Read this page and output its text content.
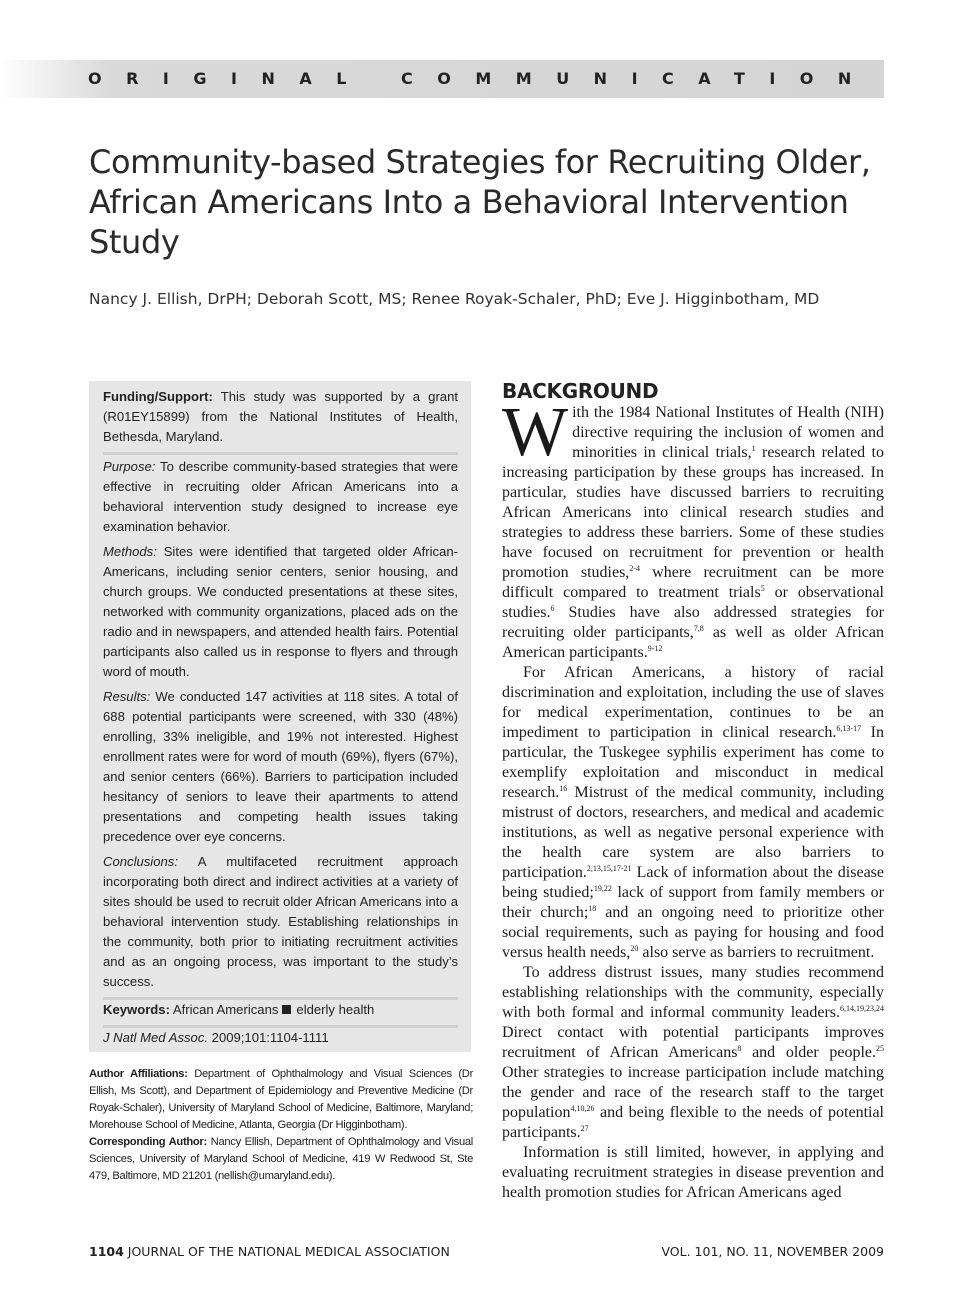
ORIGINAL COMMUNICATION
Community-based Strategies for Recruiting Older, African Americans Into a Behavioral Intervention Study
Nancy J. Ellish, DrPH; Deborah Scott, MS; Renee Royak-Schaler, PhD; Eve J. Higginbotham, MD

Funding/Support: This study was supported by a grant (R01EY15899) from the National Institutes of Health, Bethesda, Maryland.

Purpose: To describe community-based strategies that were effective in recruiting older African Americans into a behavioral intervention study designed to increase eye examination behavior.

Methods: Sites were identified that targeted older African-Americans, including senior centers, senior housing, and church groups. We conducted presentations at these sites, networked with community organizations, placed ads on the radio and in newspapers, and attended health fairs. Potential participants also called us in response to flyers and through word of mouth.

Results: We conducted 147 activities at 118 sites. A total of 688 potential participants were screened, with 330 (48%) enrolling, 33% ineligible, and 19% not interested. Highest enrollment rates were for word of mouth (69%), flyers (67%), and senior centers (66%). Barriers to participation included hesitancy of seniors to leave their apartments to attend presentations and competing health issues taking precedence over eye concerns.

Conclusions: A multifaceted recruitment approach incorporating both direct and indirect activities at a variety of sites should be used to recruit older African Americans into a behavioral intervention study. Establishing relationships in the community, both prior to initiating recruitment activities and as an ongoing process, was important to the study’s success.

Keywords: African Americans elderly health

J Natl Med Assoc. 2009;101:1104-1111

Author Affiliations: Department of Ophthalmology and Visual Sciences (Dr Ellish, Ms Scott), and Department of Epidemiology and Preventive Medicine (Dr Royak-Schaler), University of Maryland School of Medicine, Baltimore, Maryland; Morehouse School of Medicine, Atlanta, Georgia (Dr Higginbotham).

Corresponding Author: Nancy Ellish, Department of Ophthalmology and Visual Sciences, University of Maryland School of Medicine, 419 W Redwood St, Ste 479, Baltimore, MD 21201 (nellish@umaryland.edu).

BACKGROUND

With the 1984 National Institutes of Health (NIH) directive requiring the inclusion of women and minorities in clinical trials,$^1$ research related to increasing participation by these groups has increased. In particular, studies have discussed barriers to recruiting African Americans into clinical research studies and strategies to address these barriers. Some of these studies have focused on recruitment for prevention or health promotion studies,$^{2-4}$ where recruitment can be more difficult compared to treatment trials$^5$ or observational studies.$^6$ Studies have also addressed strategies for recruiting older participants,$^{7,8}$ as well as older African American participants.$^{9-12}$

For African Americans, a history of racial discrimination and exploitation, including the use of slaves for medical experimentation, continues to be an impediment to participation in clinical research.$^{6,13-17}$ In particular, the Tuskegee syphilis experiment has come to exemplify exploitation and misconduct in medical research.$^{16}$ Mistrust of the medical community, including mistrust of doctors, researchers, and medical and academic institutions, as well as negative personal experience with the health care system are also barriers to participation.$^{2,13,15,17-21}$ Lack of information about the disease being studied;$^{19,22}$ lack of support from family members or their church;$^{18}$ and an ongoing need to prioritize other social requirements, such as paying for housing and food versus health needs,$^{20}$ also serve as barriers to recruitment.

To address distrust issues, many studies recommend establishing relationships with the community, especially with both formal and informal community leaders.$^{6,14,19,23,24}$ Direct contact with potential participants improves recruitment of African Americans$^8$ and older people.$^{25}$ Other strategies to increase participation include matching the gender and race of the research staff to the target population$^{4,10,26}$ and being flexible to the needs of potential participants.$^{27}$

Information is still limited, however, in applying and evaluating recruitment strategies in disease prevention and health promotion studies for African Americans aged

1104 JOURNAL OF THE NATIONAL MEDICAL ASSOCIATION	VOL. 101, NO. 11, NOVEMBER 2009
